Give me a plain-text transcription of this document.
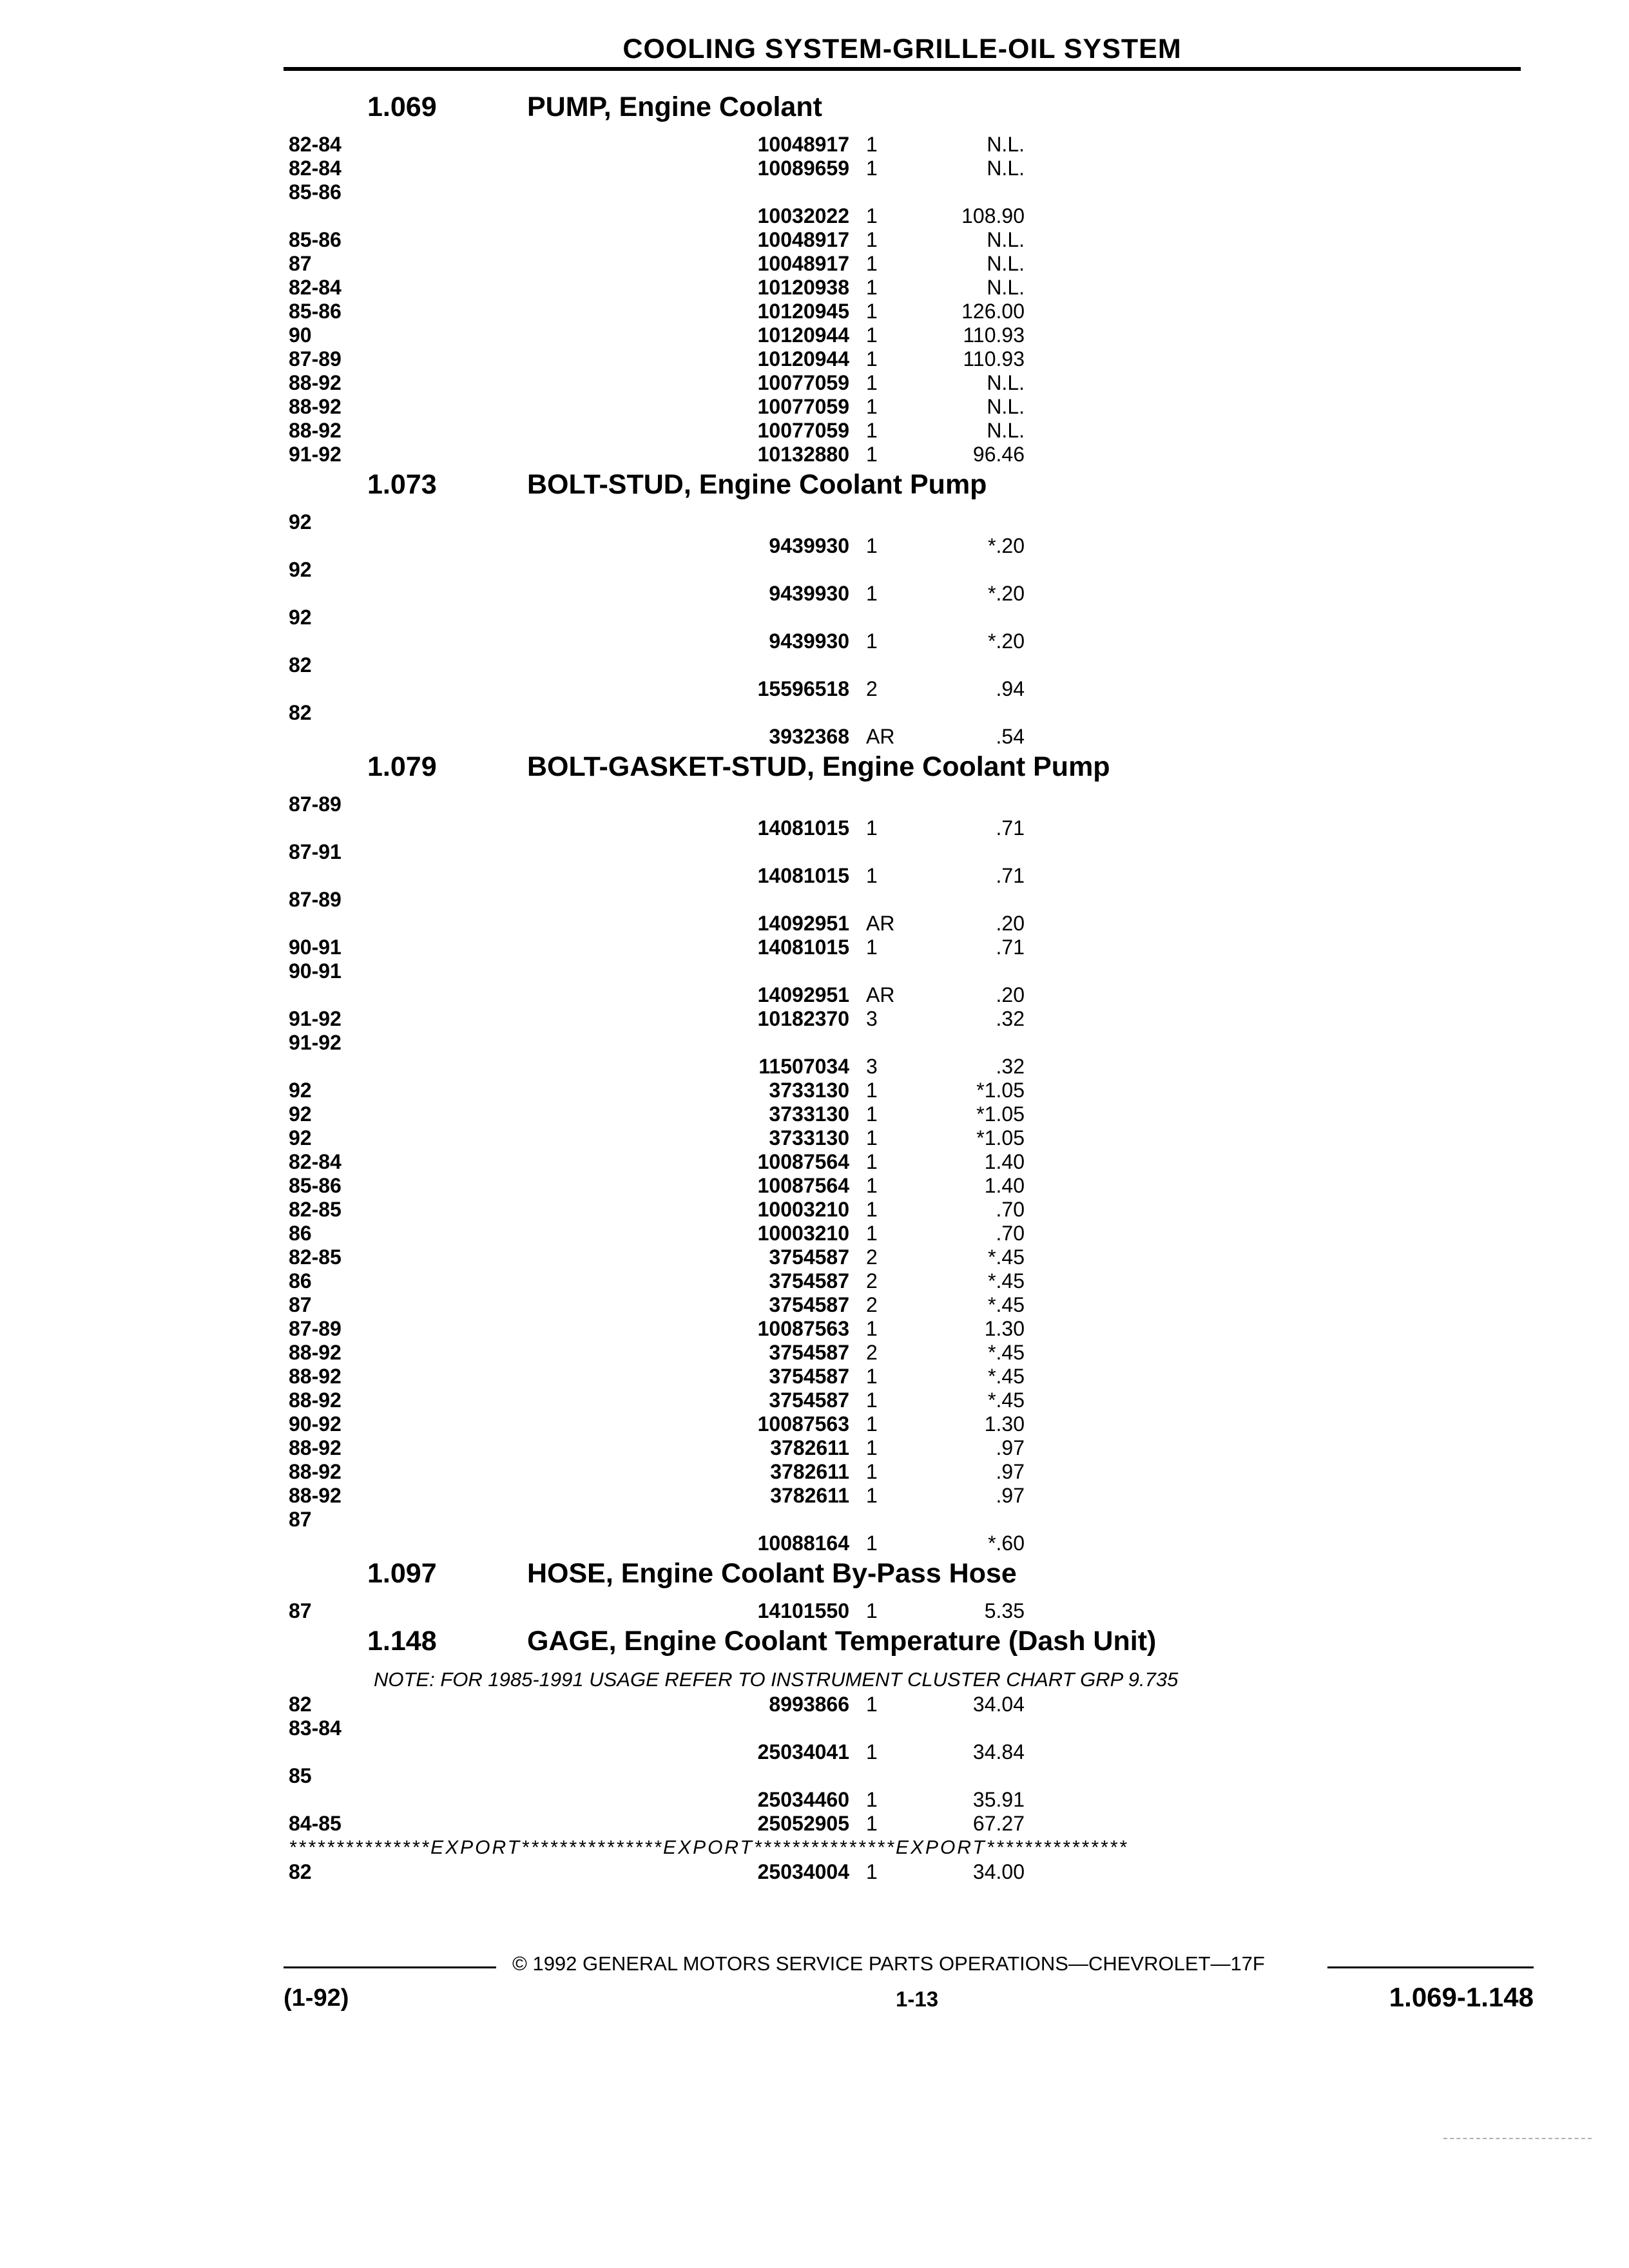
COOLING SYSTEM-GRILLE-OIL SYSTEM
1.069	PUMP, Engine Coolant
82-84	10048917 1	N.L.
82-84	10089659 1	N.L.
85-86
10032022 1	108.90
85-86	10048917 1	N.L.
87	10048917 1	N.L.
82-84	10120938 1	N.L.
85-86	10120945 1	126.00
90	10120944 1	110.93
87-89	10120944 1	110.93
88-92	10077059 1	N.L.
88-92	10077059 1	N.L.
88-92	10077059 1	N.L.
91-92	10132880 1	96.46
1.073	BOLT-STUD, Engine Coolant Pump
92
9439930 1	*.20
92
9439930 1	*.20
92
9439930 1	*.20
82
15596518 2	.94
82
3932368 AR	.54
1.079	BOLT-GASKET-STUD, Engine Coolant Pump
87-89
14081015 1	.71
87-91
14081015 1	.71
87-89
14092951 AR	.20
90-91	14081015 1	.71
90-91
14092951 AR	.20
91-92	10182370 3	.32
91-92
11507034 3	.32
92	3733130 1	*1.05
92	3733130 1	*1.05
92	3733130 1	*1.05
82-84	10087564 1	1.40
85-86	10087564 1	1.40
82-85	10003210 1	.70
86	10003210 1	.70
82-85	3754587 2	*.45
86	3754587 2	*.45
87	3754587 2	*.45
87-89	10087563 1	1.30
88-92	3754587 2	*.45
88-92	3754587 1	*.45
88-92	3754587 1	*.45
90-92	10087563 1	1.30
88-92	3782611 1	.97
88-92	3782611 1	.97
88-92	3782611 1	.97
87
10088164 1	*.60
1.097	HOSE, Engine Coolant By-Pass Hose
87	14101550 1	5.35
1.148	GAGE, Engine Coolant Temperature (Dash Unit)
NOTE: FOR 1985-1991 USAGE REFER TO INSTRUMENT CLUSTER CHART GRP 9.735
82	8993866 1	34.04
83-84
25034041 1	34.84
85
25034460 1	35.91
84-85	25052905 1	67.27
***************EXPORT***************EXPORT***************EXPORT***************
82	25034004 1	34.00
© 1992 GENERAL MOTORS SERVICE PARTS OPERATIONS—CHEVROLET—17F
(1-92)	1-13	1.069-1.148
